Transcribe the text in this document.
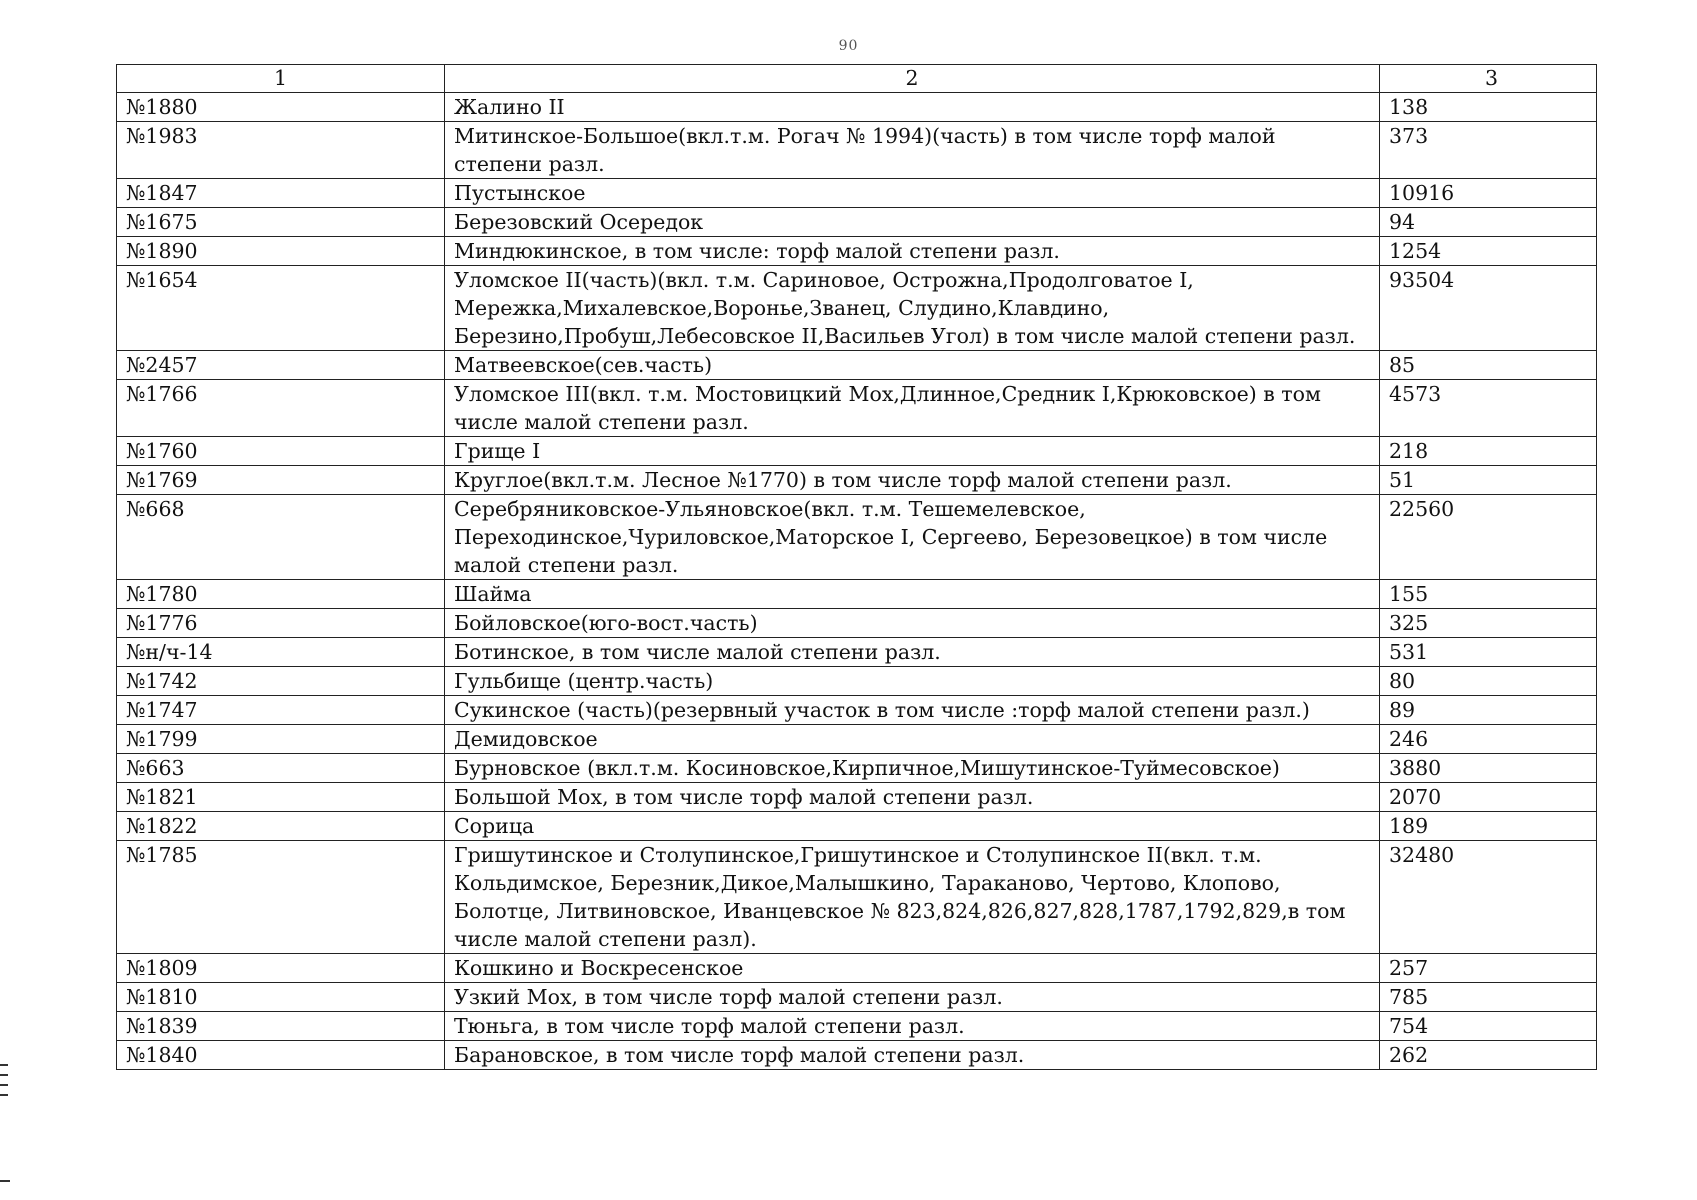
90
1	2	3
№1880	Жалино II	138
№1983	Митинское-Большое(вкл.т.м. Рогач № 1994)(часть) в том числе торф малой степени разл.	373
№1847	Пустынское	10916
№1675	Березовский Осередок	94
№1890	Миндюкинское, в том числе: торф малой степени разл.	1254
№1654	Уломское II(часть)(вкл. т.м. Сариновое, Острожна,Продолговатое I, Мережка,Михалевское,Воронье,Званец, Слудино,Клавдино, Березино,Пробуш,Лебесовское II,Васильев Угол) в том числе малой степени разл.	93504
№2457	Матвеевское(сев.часть)	85
№1766	Уломское III(вкл. т.м. Мостовицкий Мох,Длинное,Средник I,Крюковское) в том числе малой степени разл.	4573
№1760	Грище I	218
№1769	Круглое(вкл.т.м. Лесное №1770) в том числе торф малой степени разл.	51
№668	Серебряниковское-Ульяновское(вкл. т.м. Тешемелевское, Переходинское,Чуриловское,Маторское I, Сергеево, Березовецкое) в том числе малой степени разл.	22560
№1780	Шайма	155
№1776	Бойловское(юго-вост.часть)	325
№н/ч-14	Ботинское, в том числе малой степени разл.	531
№1742	Гульбище (центр.часть)	80
№1747	Сукинское (часть)(резервный участок в том числе :торф малой степени разл.)	89
№1799	Демидовское	246
№663	Бурновское (вкл.т.м. Косиновское,Кирпичное,Мишутинское-Туймесовское)	3880
№1821	Большой Мох, в том числе торф малой степени разл.	2070
№1822	Сорица	189
№1785	Гришутинское и Столупинское,Гришутинское и Столупинское II(вкл. т.м. Кольдимское, Березник,Дикое,Малышкино, Тараканово, Чертово, Клопово, Болотце, Литвиновское, Иванцевское № 823,824,826,827,828,1787,1792,829,в том числе малой степени разл).	32480
№1809	Кошкино и Воскресенское	257
№1810	Узкий Мох, в том числе торф малой степени разл.	785
№1839	Тюньга, в том числе торф малой степени разл.	754
№1840	Барановское, в том числе торф малой степени разл.	262
